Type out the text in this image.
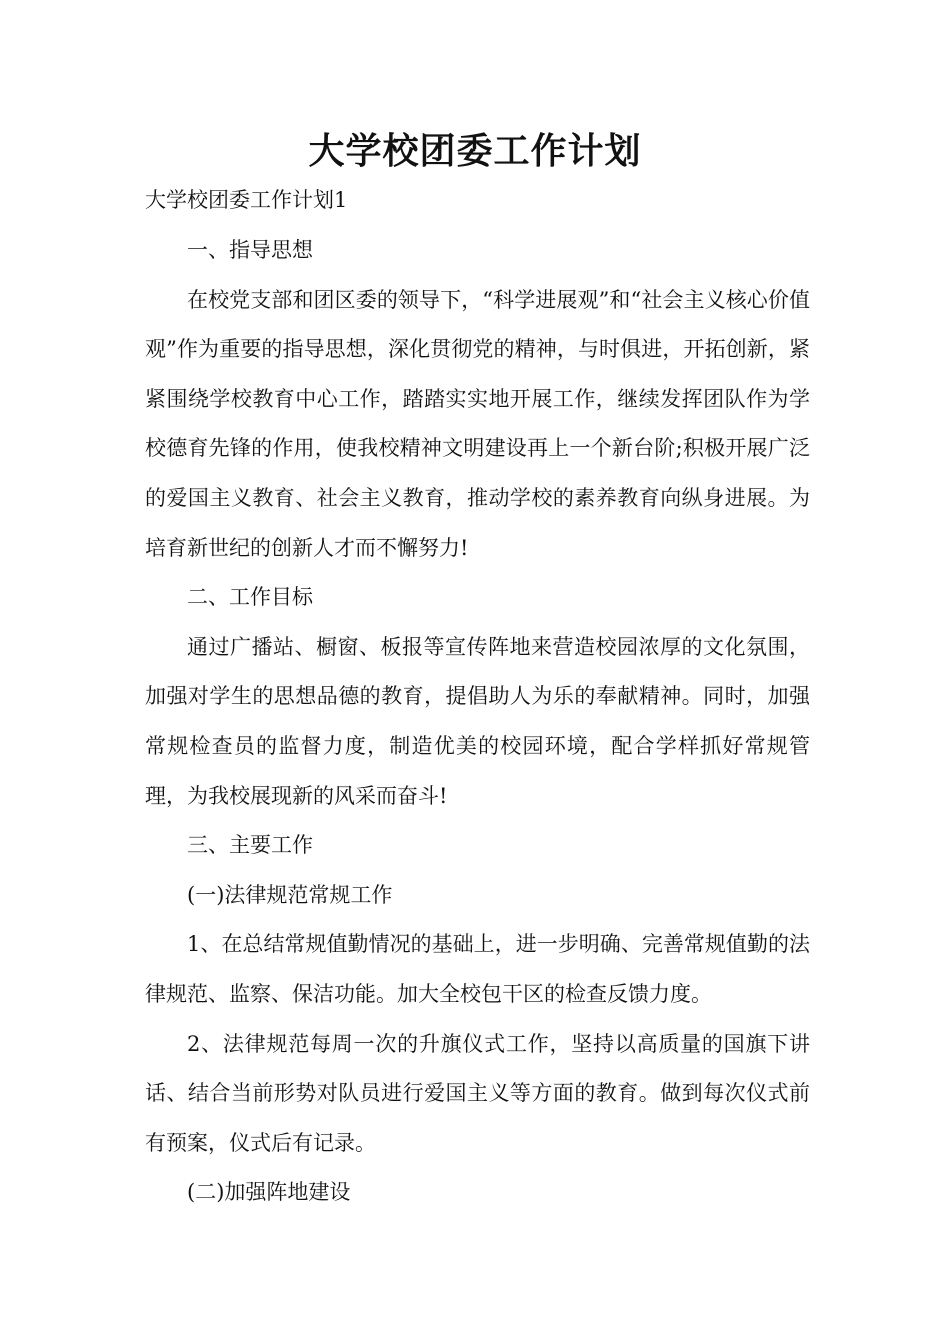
大学校团委工作计划
大学校团委工作计划1

一、指导思想

在校党支部和团区委的领导下，“科学进展观”和“社会主义核心价值观”作为重要的指导思想，深化贯彻党的精神，与时俱进，开拓创新，紧紧围绕学校教育中心工作，踏踏实实地开展工作，继续发挥团队作为学校德育先锋的作用，使我校精神文明建设再上一个新台阶;积极开展广泛的爱国主义教育、社会主义教育，推动学校的素养教育向纵身进展。为培育新世纪的创新人才而不懈努力!

二、工作目标

通过广播站、橱窗、板报等宣传阵地来营造校园浓厚的文化氛围，加强对学生的思想品德的教育，提倡助人为乐的奉献精神。同时，加强常规检查员的监督力度，制造优美的校园环境，配合学样抓好常规管理，为我校展现新的风采而奋斗!

三、主要工作

(一)法律规范常规工作

1、在总结常规值勤情况的基础上，进一步明确、完善常规值勤的法律规范、监察、保洁功能。加大全校包干区的检查反馈力度。

2、法律规范每周一次的升旗仪式工作，坚持以高质量的国旗下讲话、结合当前形势对队员进行爱国主义等方面的教育。做到每次仪式前有预案，仪式后有记录。

(二)加强阵地建设
